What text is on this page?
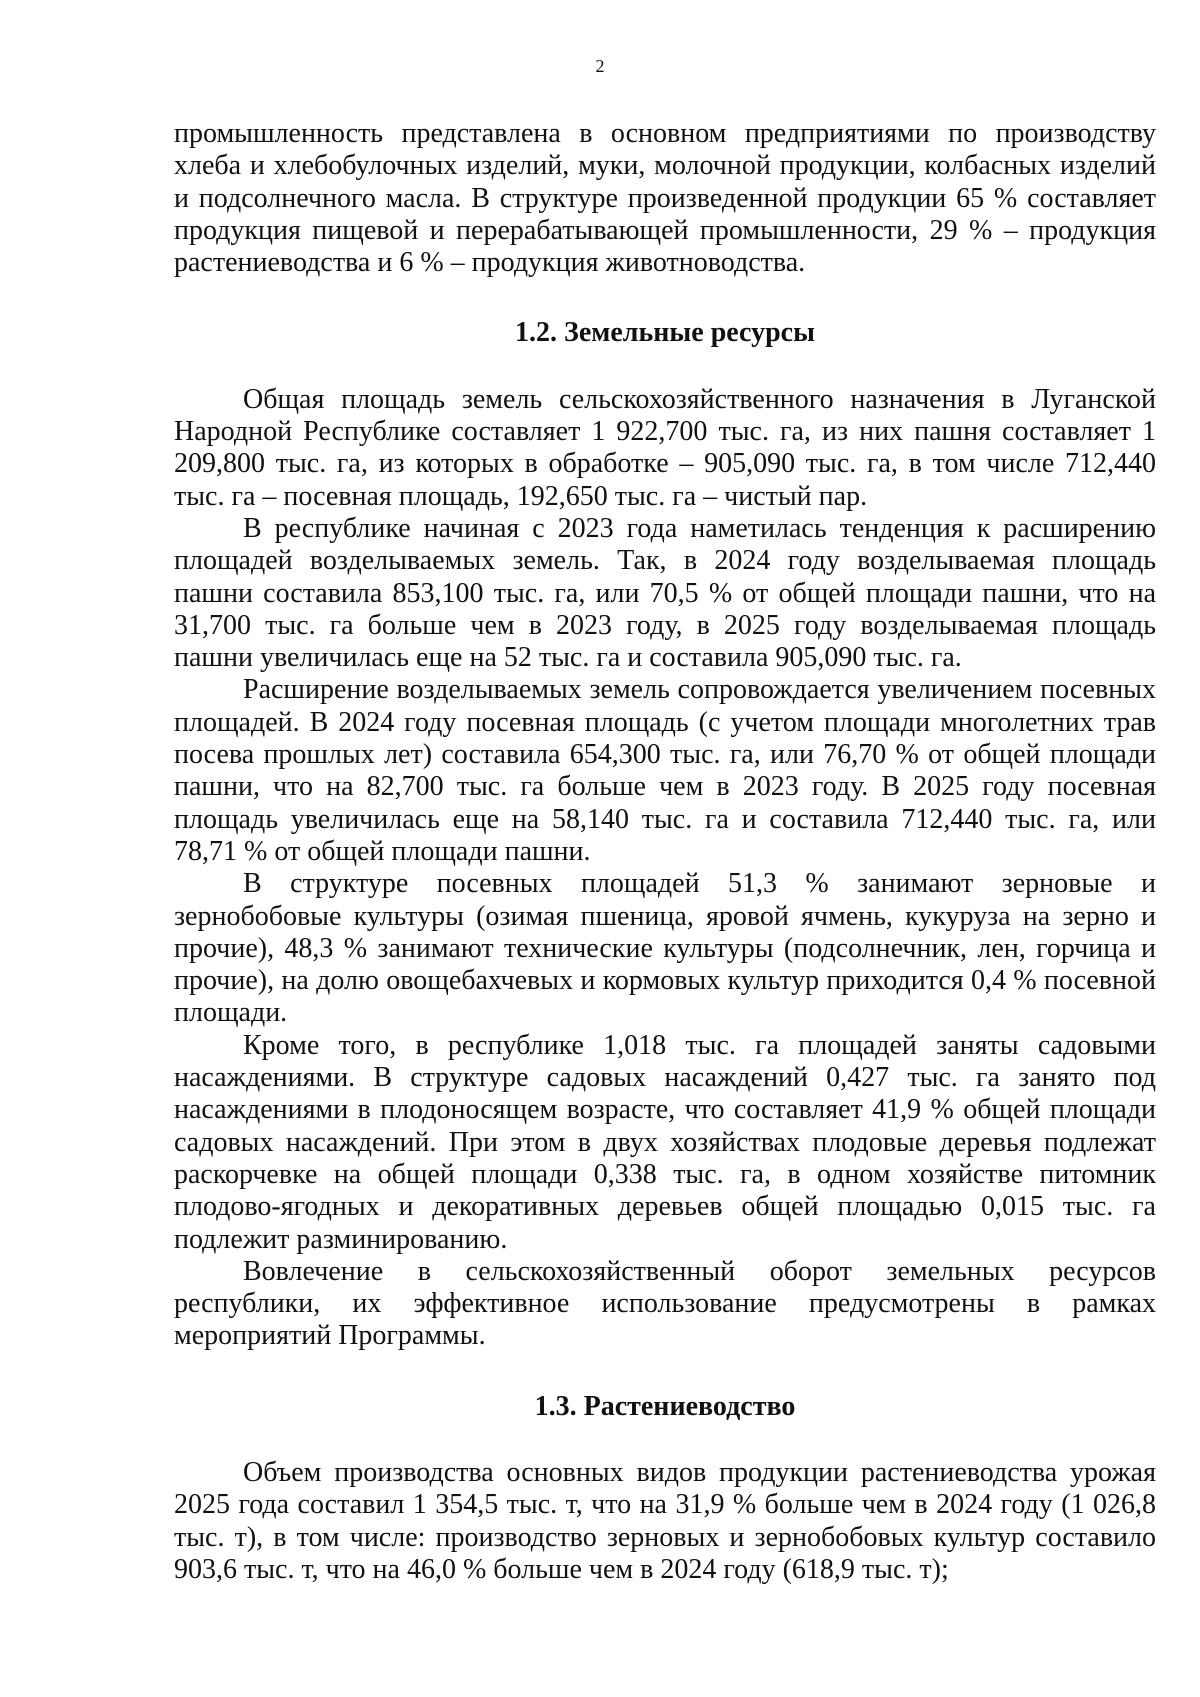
2

промышленность представлена в основном предприятиями по производству хлеба и хлебобулочных изделий, муки, молочной продукции, колбасных изделий и подсолнечного масла. В структуре произведенной продукции 65 % составляет продукция пищевой и перерабатывающей промышленности, 29 % – продукция растениеводства и 6 % – продукция животноводства.

1.2. Земельные ресурсы

Общая площадь земель сельскохозяйственного назначения в Луганской Народной Республике составляет 1 922,700 тыс. га, из них пашня составляет 1 209,800 тыс. га, из которых в обработке – 905,090 тыс. га, в том числе 712,440 тыс. га – посевная площадь, 192,650 тыс. га – чистый пар.

В республике начиная с 2023 года наметилась тенденция к расширению площадей возделываемых земель. Так, в 2024 году возделываемая площадь пашни составила 853,100 тыс. га, или 70,5 % от общей площади пашни, что на 31,700 тыс. га больше чем в 2023 году, в 2025 году возделываемая площадь пашни увеличилась еще на 52 тыс. га и составила 905,090 тыс. га.

Расширение возделываемых земель сопровождается увеличением посевных площадей. В 2024 году посевная площадь (с учетом площади многолетних трав посева прошлых лет) составила 654,300 тыс. га, или 76,70 % от общей площади пашни, что на 82,700 тыс. га больше чем в 2023 году. В 2025 году посевная площадь увеличилась еще на 58,140 тыс. га и составила 712,440 тыс. га, или 78,71 % от общей площади пашни.

В структуре посевных площадей 51,3 % занимают зерновые и зернобобовые культуры (озимая пшеница, яровой ячмень, кукуруза на зерно и прочие), 48,3 % занимают технические культуры (подсолнечник, лен, горчица и прочие), на долю овощебахчевых и кормовых культур приходится 0,4 % посевной площади.

Кроме того, в республике 1,018 тыс. га площадей заняты садовыми насаждениями. В структуре садовых насаждений 0,427 тыс. га занято под насаждениями в плодоносящем возрасте, что составляет 41,9 % общей площади садовых насаждений. При этом в двух хозяйствах плодовые деревья подлежат раскорчевке на общей площади 0,338 тыс. га, в одном хозяйстве питомник плодово-ягодных и декоративных деревьев общей площадью 0,015 тыс. га подлежит разминированию.

Вовлечение в сельскохозяйственный оборот земельных ресурсов республики, их эффективное использование предусмотрены в рамках мероприятий Программы.

1.3. Растениеводство

Объем производства основных видов продукции растениеводства урожая 2025 года составил 1 354,5 тыс. т, что на 31,9 % больше чем в 2024 году (1 026,8 тыс. т), в том числе: производство зерновых и зернобобовых культур составило 903,6 тыс. т, что на 46,0 % больше чем в 2024 году (618,9 тыс. т);
